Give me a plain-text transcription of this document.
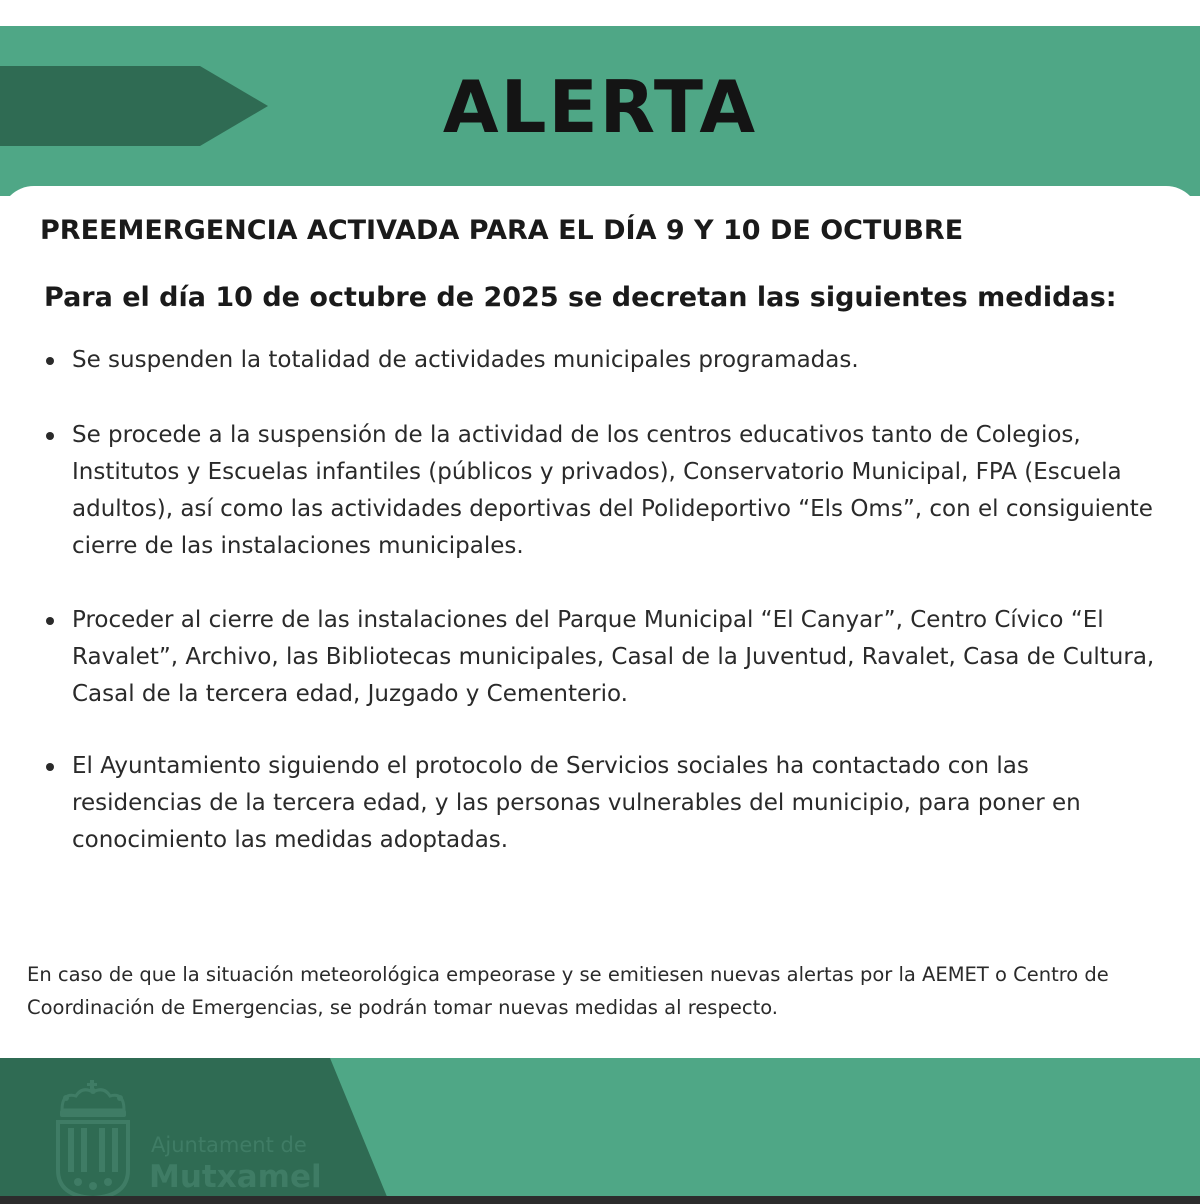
ALERTA
PREEMERGENCIA ACTIVADA PARA EL DÍA 9 Y 10 DE OCTUBRE
Para el día 10 de octubre de 2025 se decretan las siguientes medidas:
Se suspenden la totalidad de actividades municipales programadas.
Se procede a la suspensión de la actividad de los centros educativos tanto de Colegios, Institutos y Escuelas infantiles (públicos y privados), Conservatorio Municipal, FPA (Escuela adultos), así como las actividades deportivas del Polideportivo “Els Oms”, con el consiguiente cierre de las instalaciones municipales.
Proceder al cierre de las instalaciones del Parque Municipal “El Canyar”, Centro Cívico “El Ravalet”, Archivo, las Bibliotecas municipales, Casal de la Juventud, Ravalet, Casa de Cultura, Casal de la tercera edad, Juzgado y Cementerio.
El Ayuntamiento siguiendo el protocolo de Servicios sociales ha contactado con las residencias de la tercera edad, y las personas vulnerables del municipio, para poner en conocimiento las medidas adoptadas.
En caso de que la situación meteorológica empeorase y se emitiesen nuevas alertas por la AEMET o Centro de Coordinación de Emergencias, se podrán tomar nuevas medidas al respecto.
Ajuntament de
Mutxamel
